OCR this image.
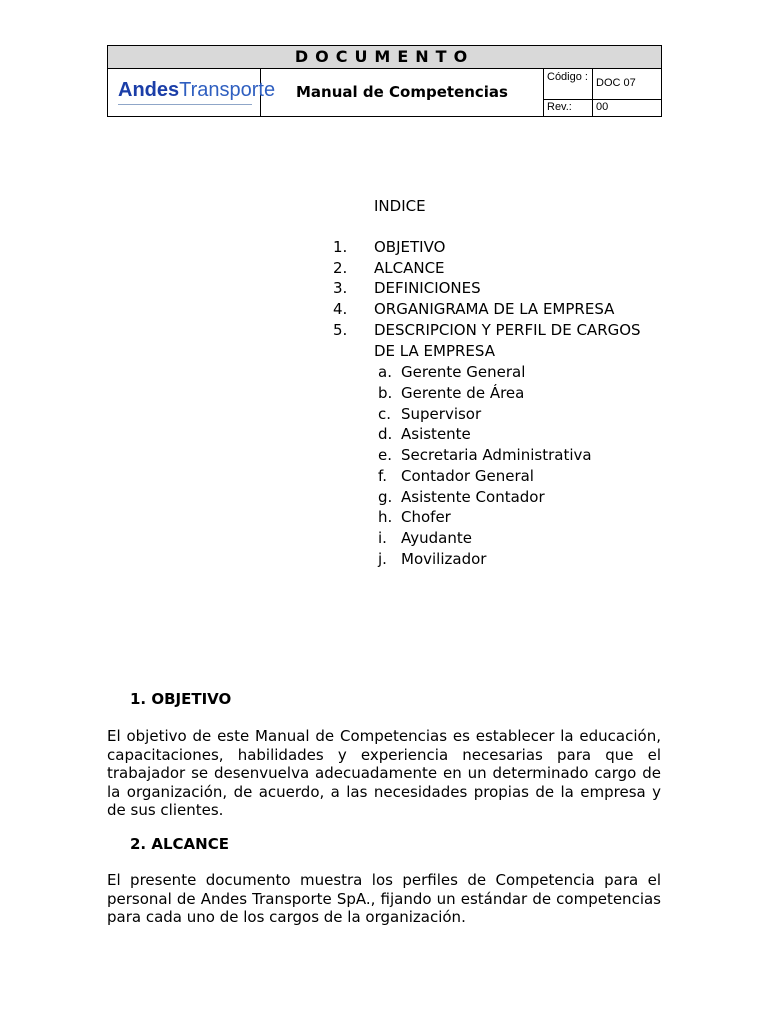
DOCUMENTO
AndesTransporte	Manual de Competencias
Código : DOC 07
Rev.:	00
INDICE
1. OBJETIVO
2. ALCANCE
3. DEFINICIONES
4. ORGANIGRAMA DE LA EMPRESA
5. DESCRIPCION Y PERFIL DE CARGOS
DE LA EMPRESA
a. Gerente General
b. Gerente de Área
c. Supervisor
d. Asistente
e. Secretaria Administrativa
f. Contador General
g. Asistente Contador
h. Chofer
i. Ayudante
j. Movilizador
1. OBJETIVO
El objetivo de este Manual de Competencias es establecer la educación, capacitaciones, habilidades y experiencia necesarias para que el trabajador se desenvuelva adecuadamente en un determinado cargo de la organización, de acuerdo, a las necesidades propias de la empresa y de sus clientes.
2. ALCANCE
El presente documento muestra los perfiles de Competencia para el personal de Andes Transporte SpA., fijando un estándar de competencias para cada uno de los cargos de la organización.
